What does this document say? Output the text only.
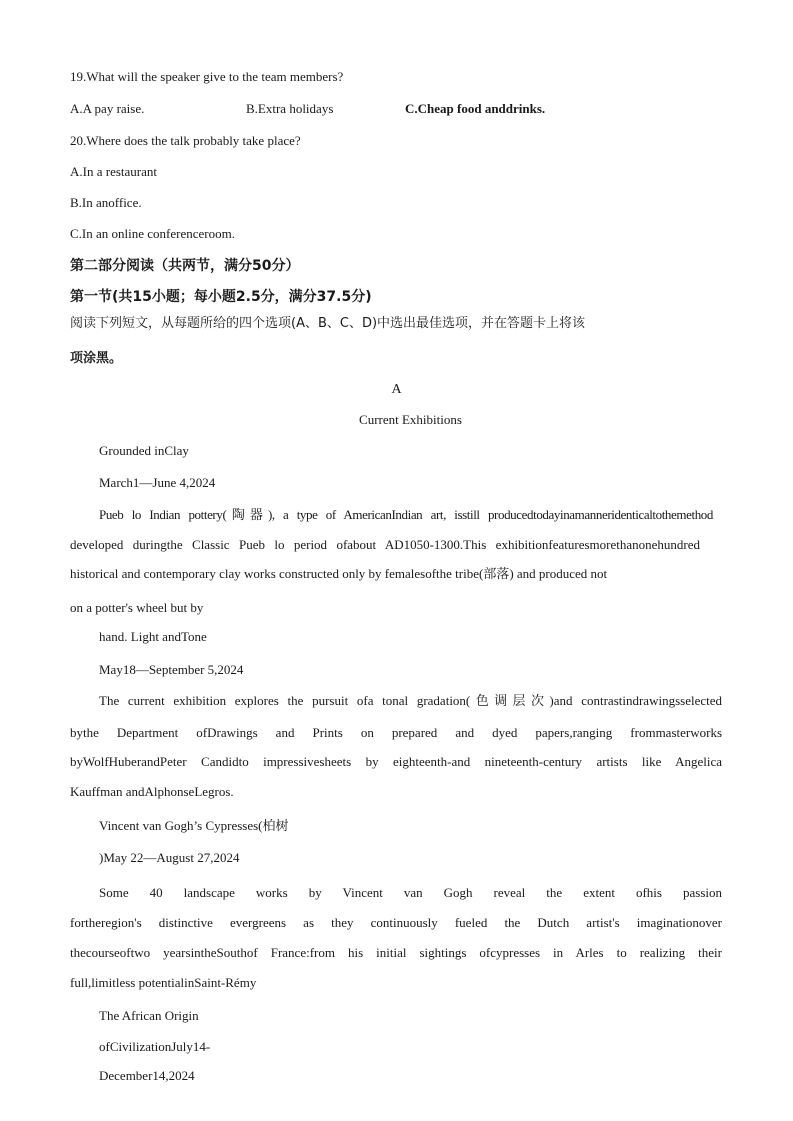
19.What will the speaker give to the team members?
A.A pay raise.	B.Extra holidays	C.Cheap food anddrinks.
20.Where does the talk probably take place?
A.In a restaurant
B.In anoffice.
C.In an online conferenceroom.
第二部分阅读（共两节，满分50分）
第一节(共15小题；每小题2.5分，满分37.5分)
阅读下列短文，从每题所给的四个选项(A、B、C、D)中选出最佳选项，并在答题卡上将该
项涂黑。
A
Current Exhibitions
Grounded inClay
March1—June 4,2024
Pueb lo Indian pottery(陶器), a type of AmericanIndian art, isstill producedtodayinamanneridenticaltothemethod
developed duringthe Classic Pueb lo period ofabout AD1050-1300.This exhibitionfeaturesmorethanonehundred
historical and contemporary clay works constructed only by femalesofthe tribe(部落) and produced not
on a potter's wheel but by
hand. Light andTone
May18—September 5,2024
The current exhibition explores the pursuit ofa tonal gradation(色调层次)and contrastindrawingsselected
bythe Department ofDrawings and Prints on prepared and dyed papers,ranging frommasterworks
byWolfHuberandPeter Candidto impressivesheets by eighteenth-and nineteenth-century artists like Angelica
Kauffman andAlphonseLegros.
Vincent van Gogh’s Cypresses(柏树
)May 22—August 27,2024
Some 40 landscape works by Vincent van Gogh reveal the extent ofhis passion
fortheregion's distinctive evergreens as they continuously fueled the Dutch artist's imaginationover
thecourseoftwo yearsintheSouthof France:from his initial sightings ofcypresses in Arles to realizing their
full,limitless potentialinSaint-Rémy
The African Origin
ofCivilizationJuly14-
December14,2024
